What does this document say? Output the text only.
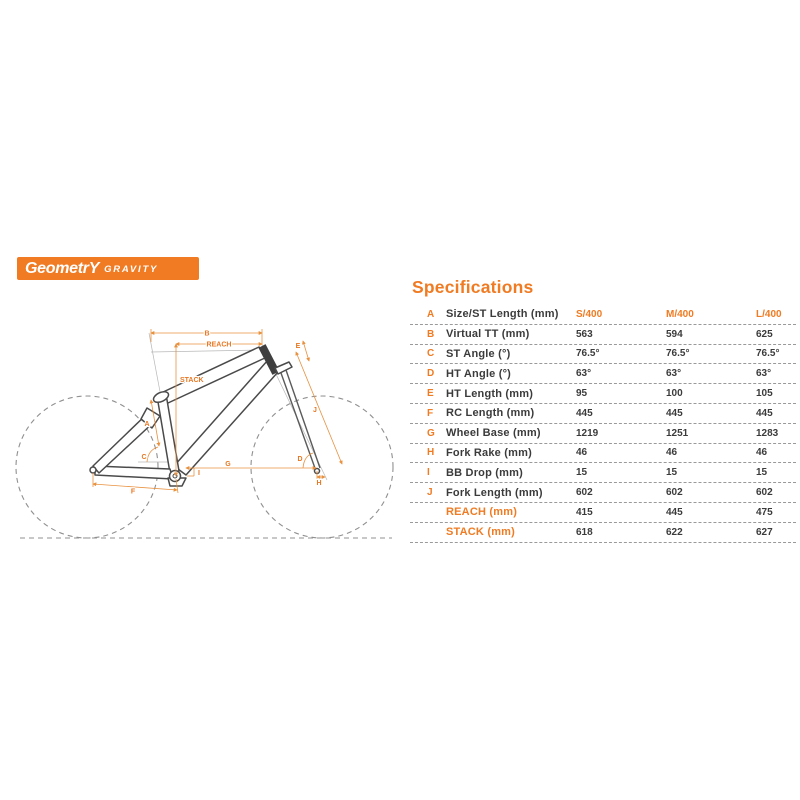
GeometrY GRAVITY
B
REACH
STACK
E
A
C
F
G
I
D
H
J
Specifications
A	Size/ST Length (mm)	S/400	M/400	L/400
B	Virtual TT (mm)	563	594	625
C	ST Angle (°)	76.5°	76.5°	76.5°
D	HT Angle (°)	63°	63°	63°
E	HT Length (mm)	95	100	105
F	RC Length (mm)	445	445	445
G	Wheel Base (mm)	1219	1251	1283
H	Fork Rake (mm)	46	46	46
I	BB Drop (mm)	15	15	15
J	Fork Length (mm)	602	602	602
REACH (mm)	415	445	475
STACK (mm)	618	622	627
